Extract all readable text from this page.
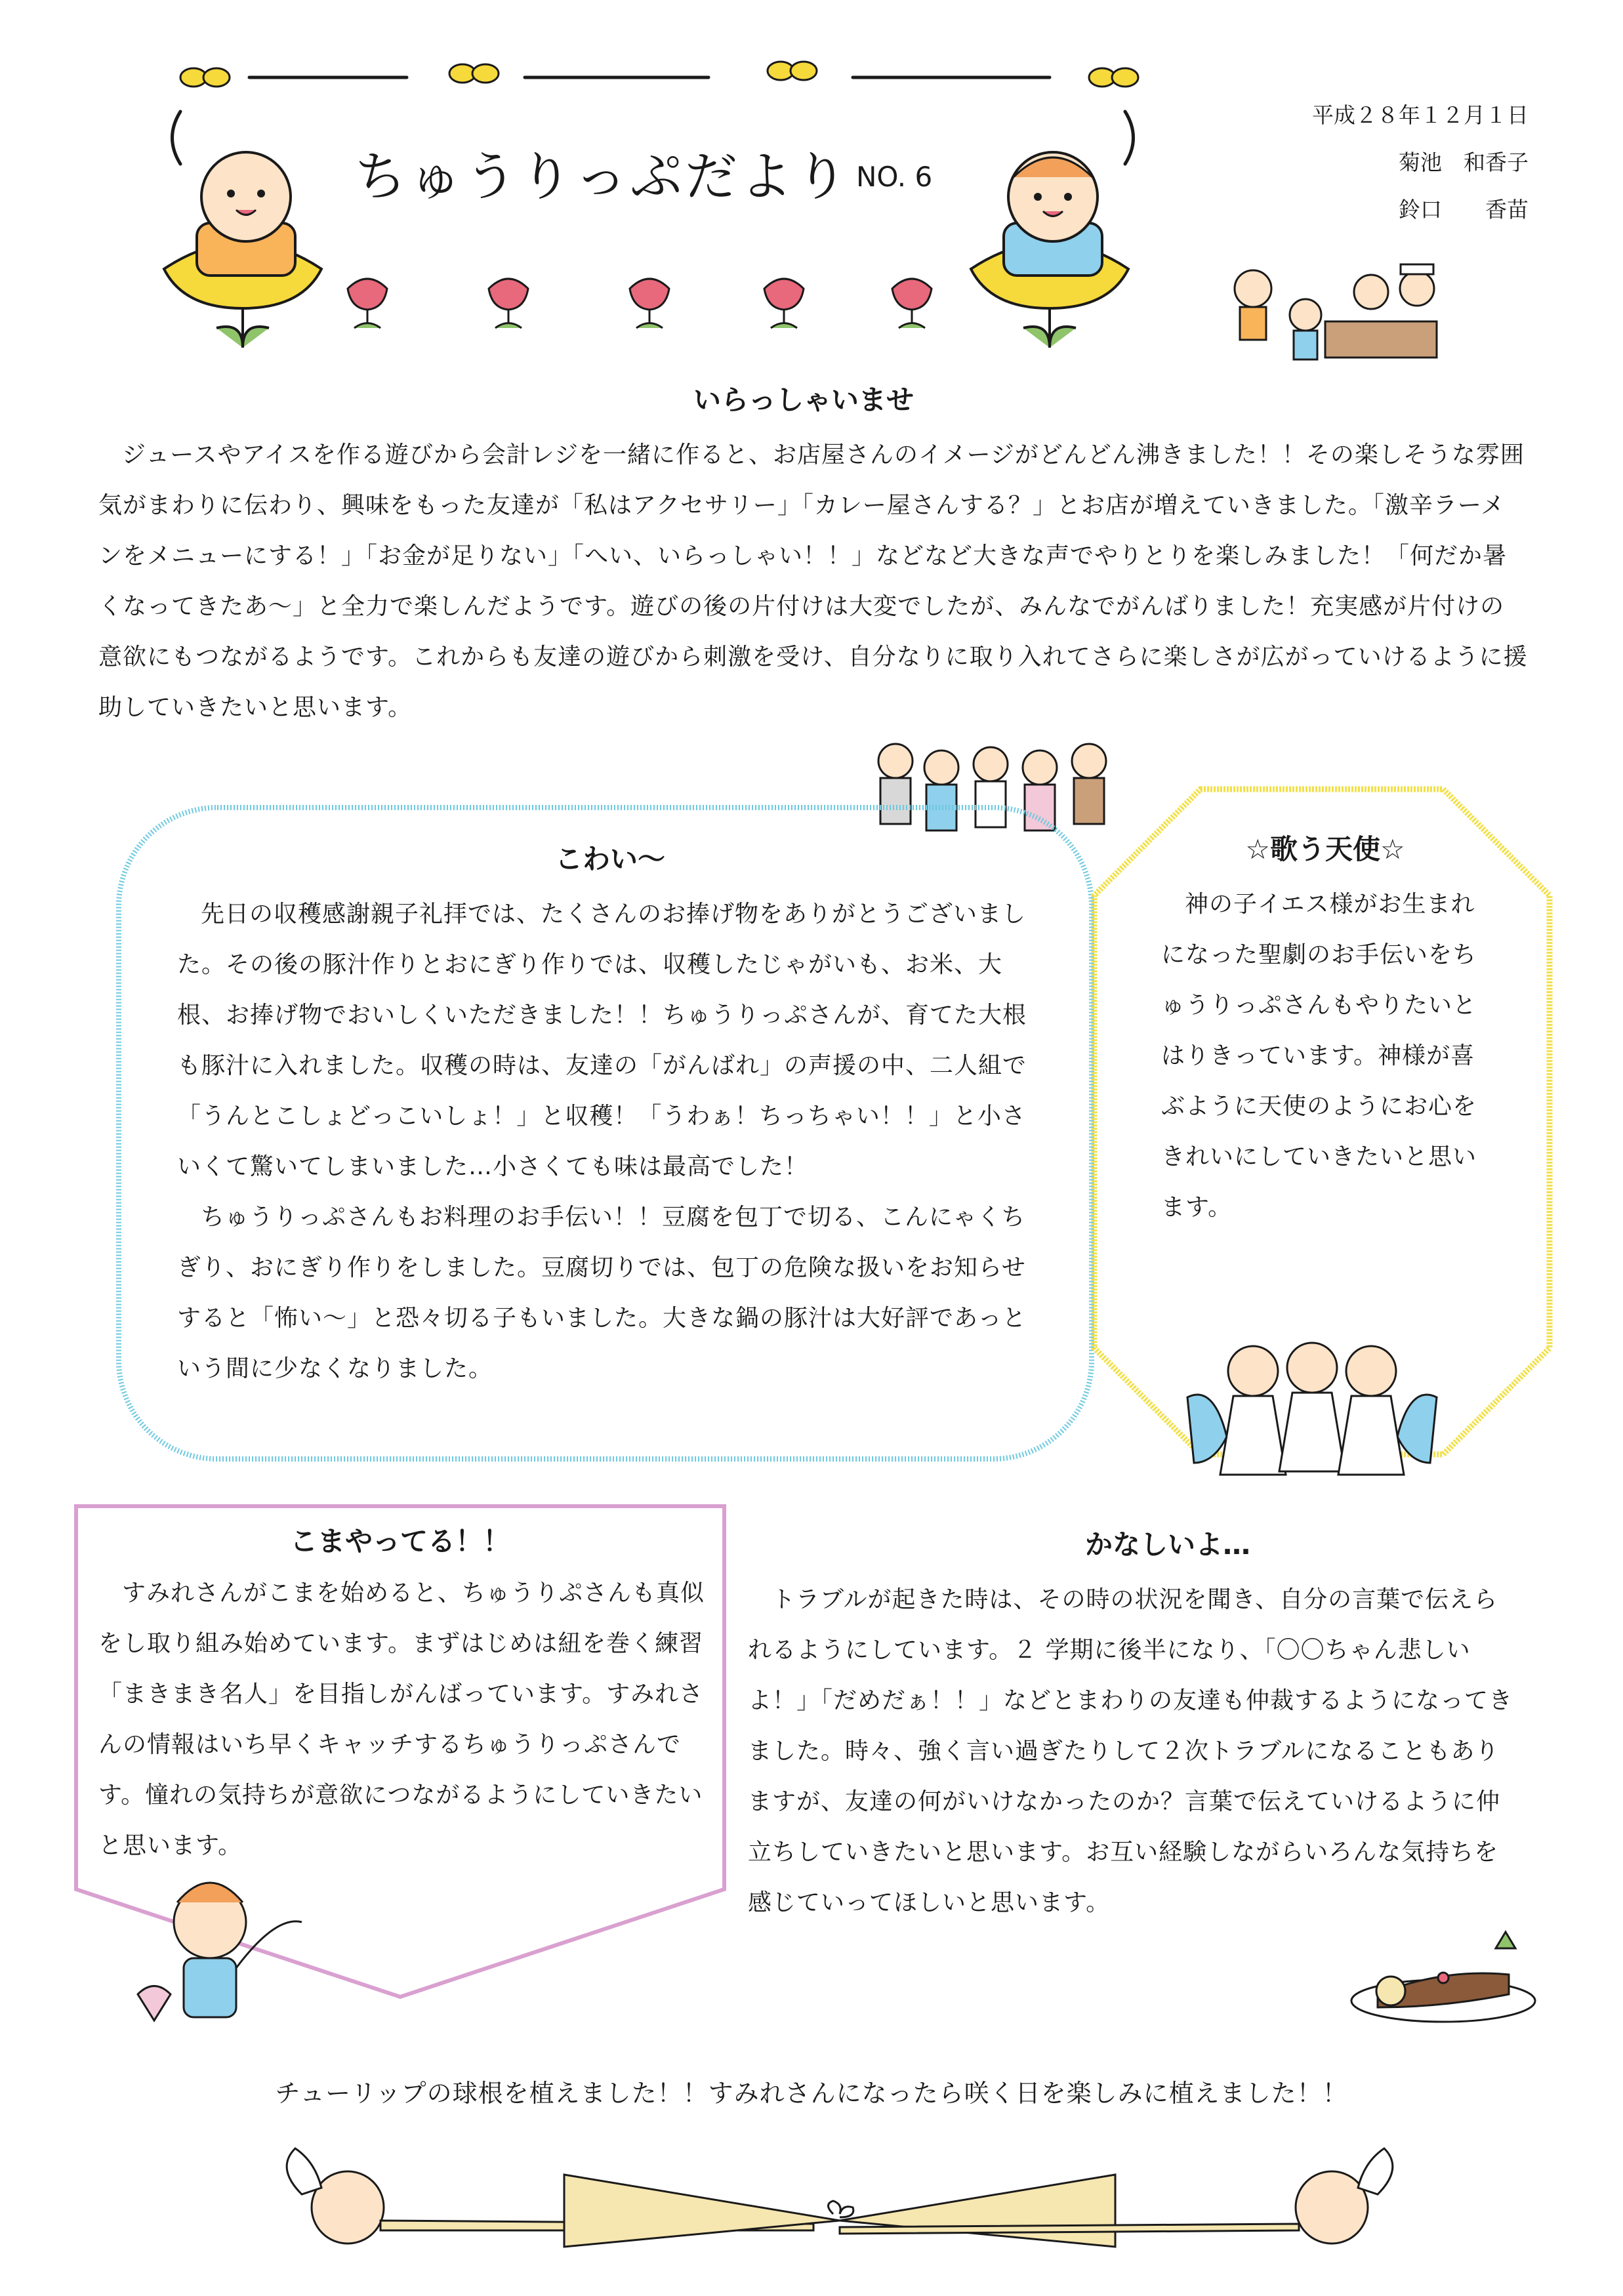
ちゅうりっぷだより NO. 6
平成２８年１２月１日
菊池　和香子
鈴口　　香苗
いらっしゃいませ

ジュースやアイスを作る遊びから会計レジを一緒に作ると、お店屋さんのイメージがどんどん沸きました！！その楽しそうな雰囲気がまわりに伝わり、興味をもった友達が「私はアクセサリー」「カレー屋さんする？」とお店が増えていきました。「激辛ラーメンをメニューにする！」「お金が足りない」「へい、いらっしゃい！！」などなど大きな声でやりとりを楽しみました！「何だか暑くなってきたあ～」と全力で楽しんだようです。遊びの後の片付けは大変でしたが、みんなでがんばりました！充実感が片付けの意欲にもつながるようです。これからも友達の遊びから刺激を受け、自分なりに取り入れてさらに楽しさが広がっていけるように援助していきたいと思います。

こわい～

先日の収穫感謝親子礼拝では、たくさんのお捧げ物をありがとうございました。その後の豚汁作りとおにぎり作りでは、収穫したじゃがいも、お米、大根、お捧げ物でおいしくいただきました！！ちゅうりっぷさんが、育てた大根も豚汁に入れました。収穫の時は、友達の「がんばれ」の声援の中、二人組で「うんとこしょどっこいしょ！」と収穫！「うわぁ！ちっちゃい！！」と小さいくて驚いてしまいました…小さくても味は最高でした！

ちゅうりっぷさんもお料理のお手伝い！！豆腐を包丁で切る、こんにゃくちぎり、おにぎり作りをしました。豆腐切りでは、包丁の危険な扱いをお知らせすると「怖い～」と恐々切る子もいました。大きな鍋の豚汁は大好評であっという間に少なくなりました。

☆歌う天使☆

神の子イエス様がお生まれになった聖劇のお手伝いをちゅうりっぷさんもやりたいとはりきっています。神様が喜ぶように天使のようにお心をきれいにしていきたいと思います。

こまやってる！！

すみれさんがこまを始めると、ちゅうりぷさんも真似をし取り組み始めています。まずはじめは紐を巻く練習「まきまき名人」を目指しがんばっています。すみれさんの情報はいち早くキャッチするちゅうりっぷさんです。憧れの気持ちが意欲につながるようにしていきたいと思います。

かなしいよ…

トラブルが起きた時は、その時の状況を聞き、自分の言葉で伝えられるようにしています。２ 学期に後半になり、「〇〇ちゃん悲しいよ！」「だめだぁ！！」などとまわりの友達も仲裁するようになってきました。時々、強く言い過ぎたりして２次トラブルになることもありますが、友達の何がいけなかったのか？言葉で伝えていけるように仲立ちしていきたいと思います。お互い経験しながらいろんな気持ちを感じていってほしいと思います。

チューリップの球根を植えました！！すみれさんになったら咲く日を楽しみに植えました！！
